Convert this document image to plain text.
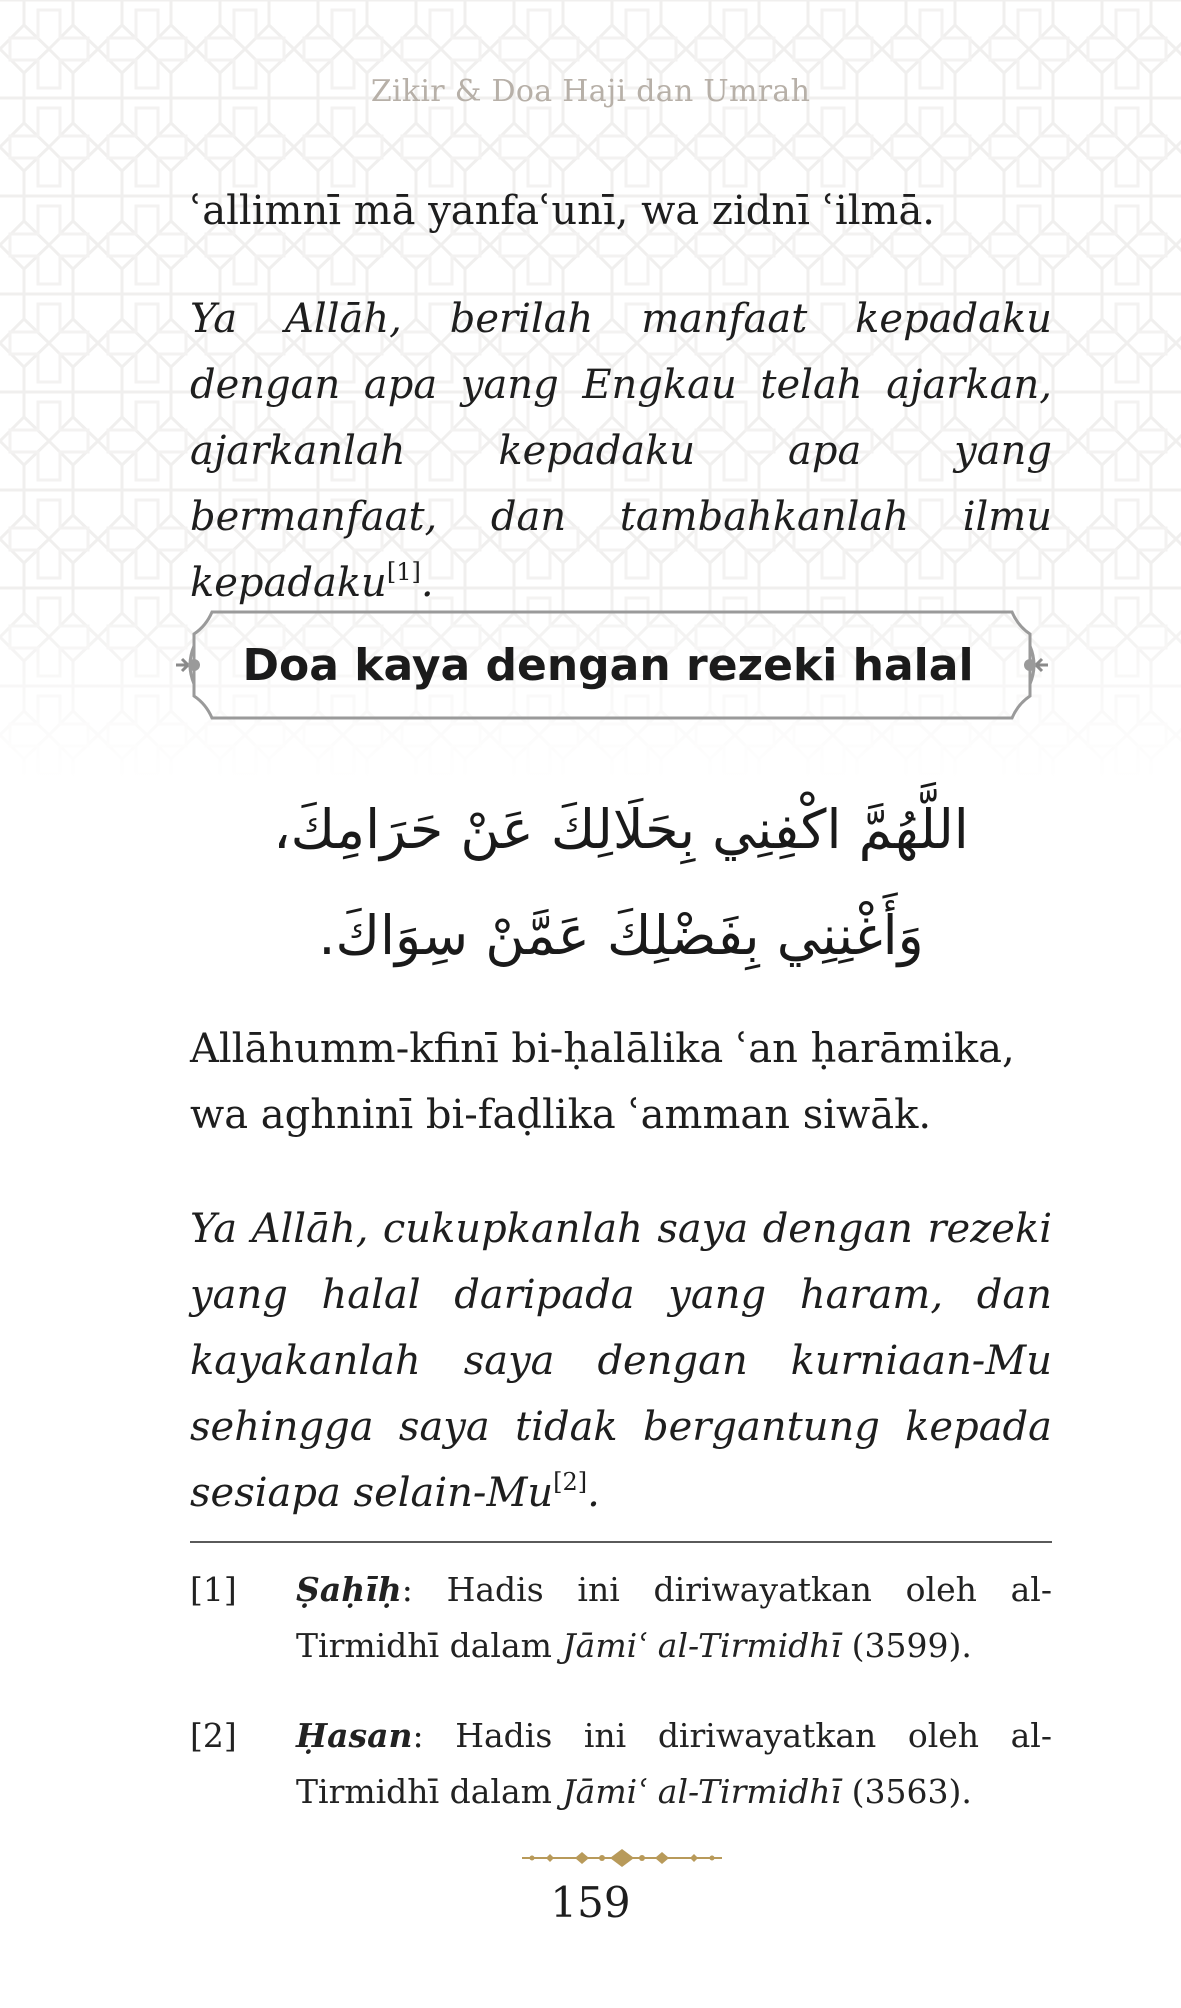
Zikir & Doa Haji dan Umrah
ʿallimnī mā yanfaʿunī, wa zidnī ʿilmā.
Ya Allāh, berilah manfaat kepadaku dengan apa yang Engkau telah ajarkan, ajarkanlah kepadaku apa yang bermanfaat, dan tambahkanlah ilmu kepadaku[1].
Doa kaya dengan rezeki halal
اللَّهُمَّ اكْفِنِي بِحَلَالِكَ عَنْ حَرَامِكَ،
وَأَغْنِنِي بِفَضْلِكَ عَمَّنْ سِوَاكَ.
Allāhumm-kfinī bi-ḥalālika ʿan ḥarāmika,
wa aghninī bi-faḍlika ʿamman siwāk.
Ya Allāh, cukupkanlah saya dengan rezeki yang halal daripada yang haram, dan kayakanlah saya dengan kurniaan-Mu sehingga saya tidak bergantung kepada sesiapa selain-Mu[2].
[1] Ṣaḥīḥ: Hadis ini diriwayatkan oleh al-Tirmidhī dalam Jāmiʿ al-Tirmidhī (3599).
[2] Ḥasan: Hadis ini diriwayatkan oleh al-Tirmidhī dalam Jāmiʿ al-Tirmidhī (3563).
159
